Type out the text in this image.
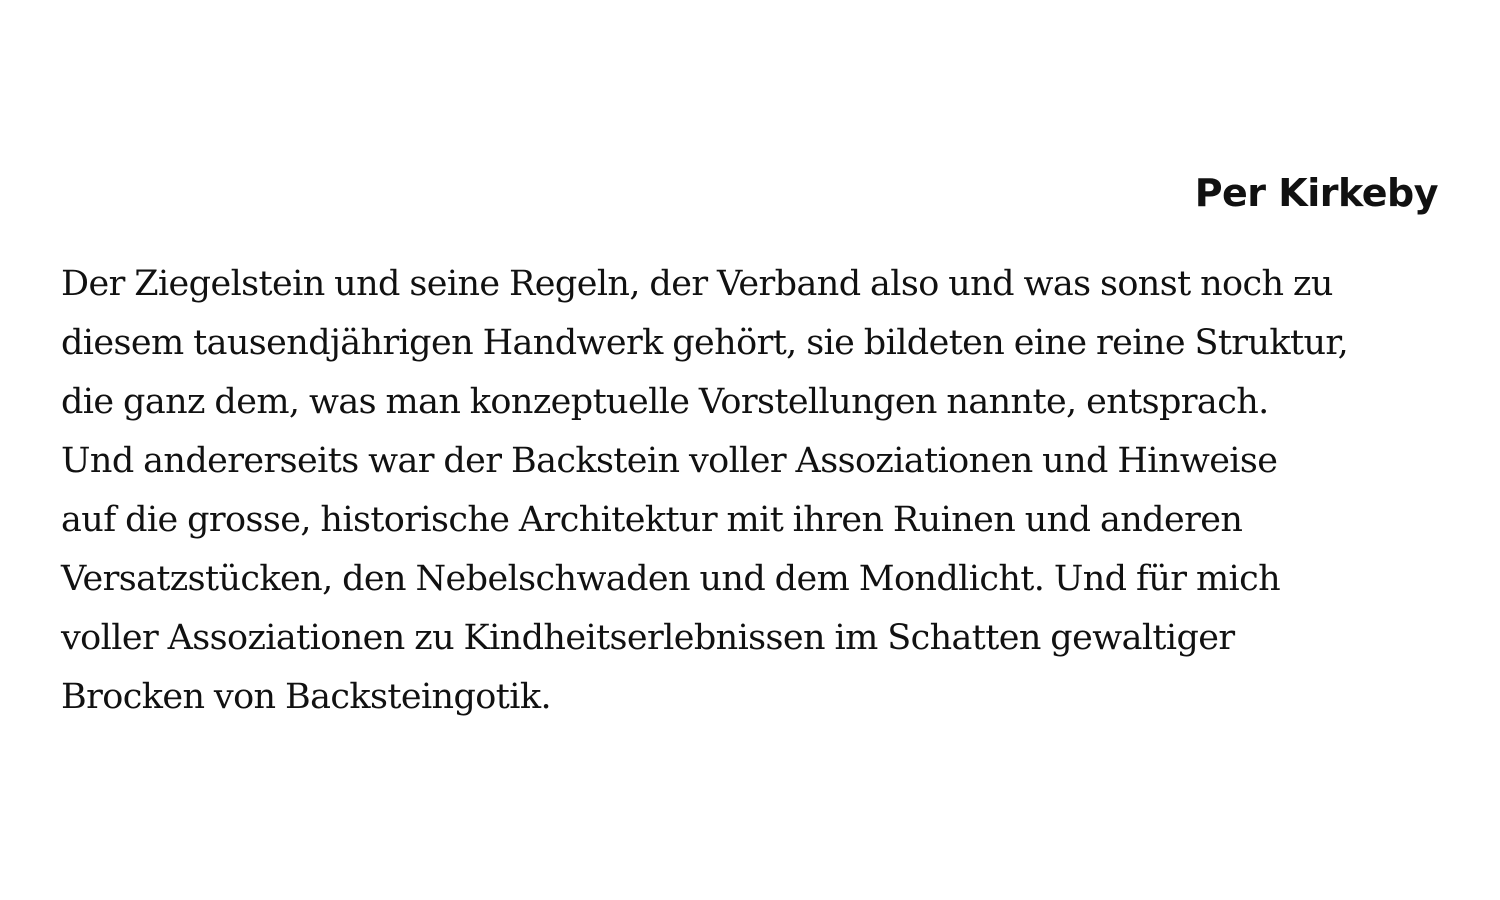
Per Kirkeby

Der Ziegelstein und seine Regeln, der Verband also und was sonst noch zu
diesem tausendjährigen Handwerk gehört, sie bildeten eine reine Struktur,
die ganz dem, was man konzeptuelle Vorstellungen nannte, entsprach.
Und andererseits war der Backstein voller Assoziationen und Hinweise
auf die grosse, historische Architektur mit ihren Ruinen und anderen
Versatzstücken, den Nebelschwaden und dem Mondlicht. Und für mich
voller Assoziationen zu Kindheitserlebnissen im Schatten gewaltiger
Brocken von Backsteingotik.
